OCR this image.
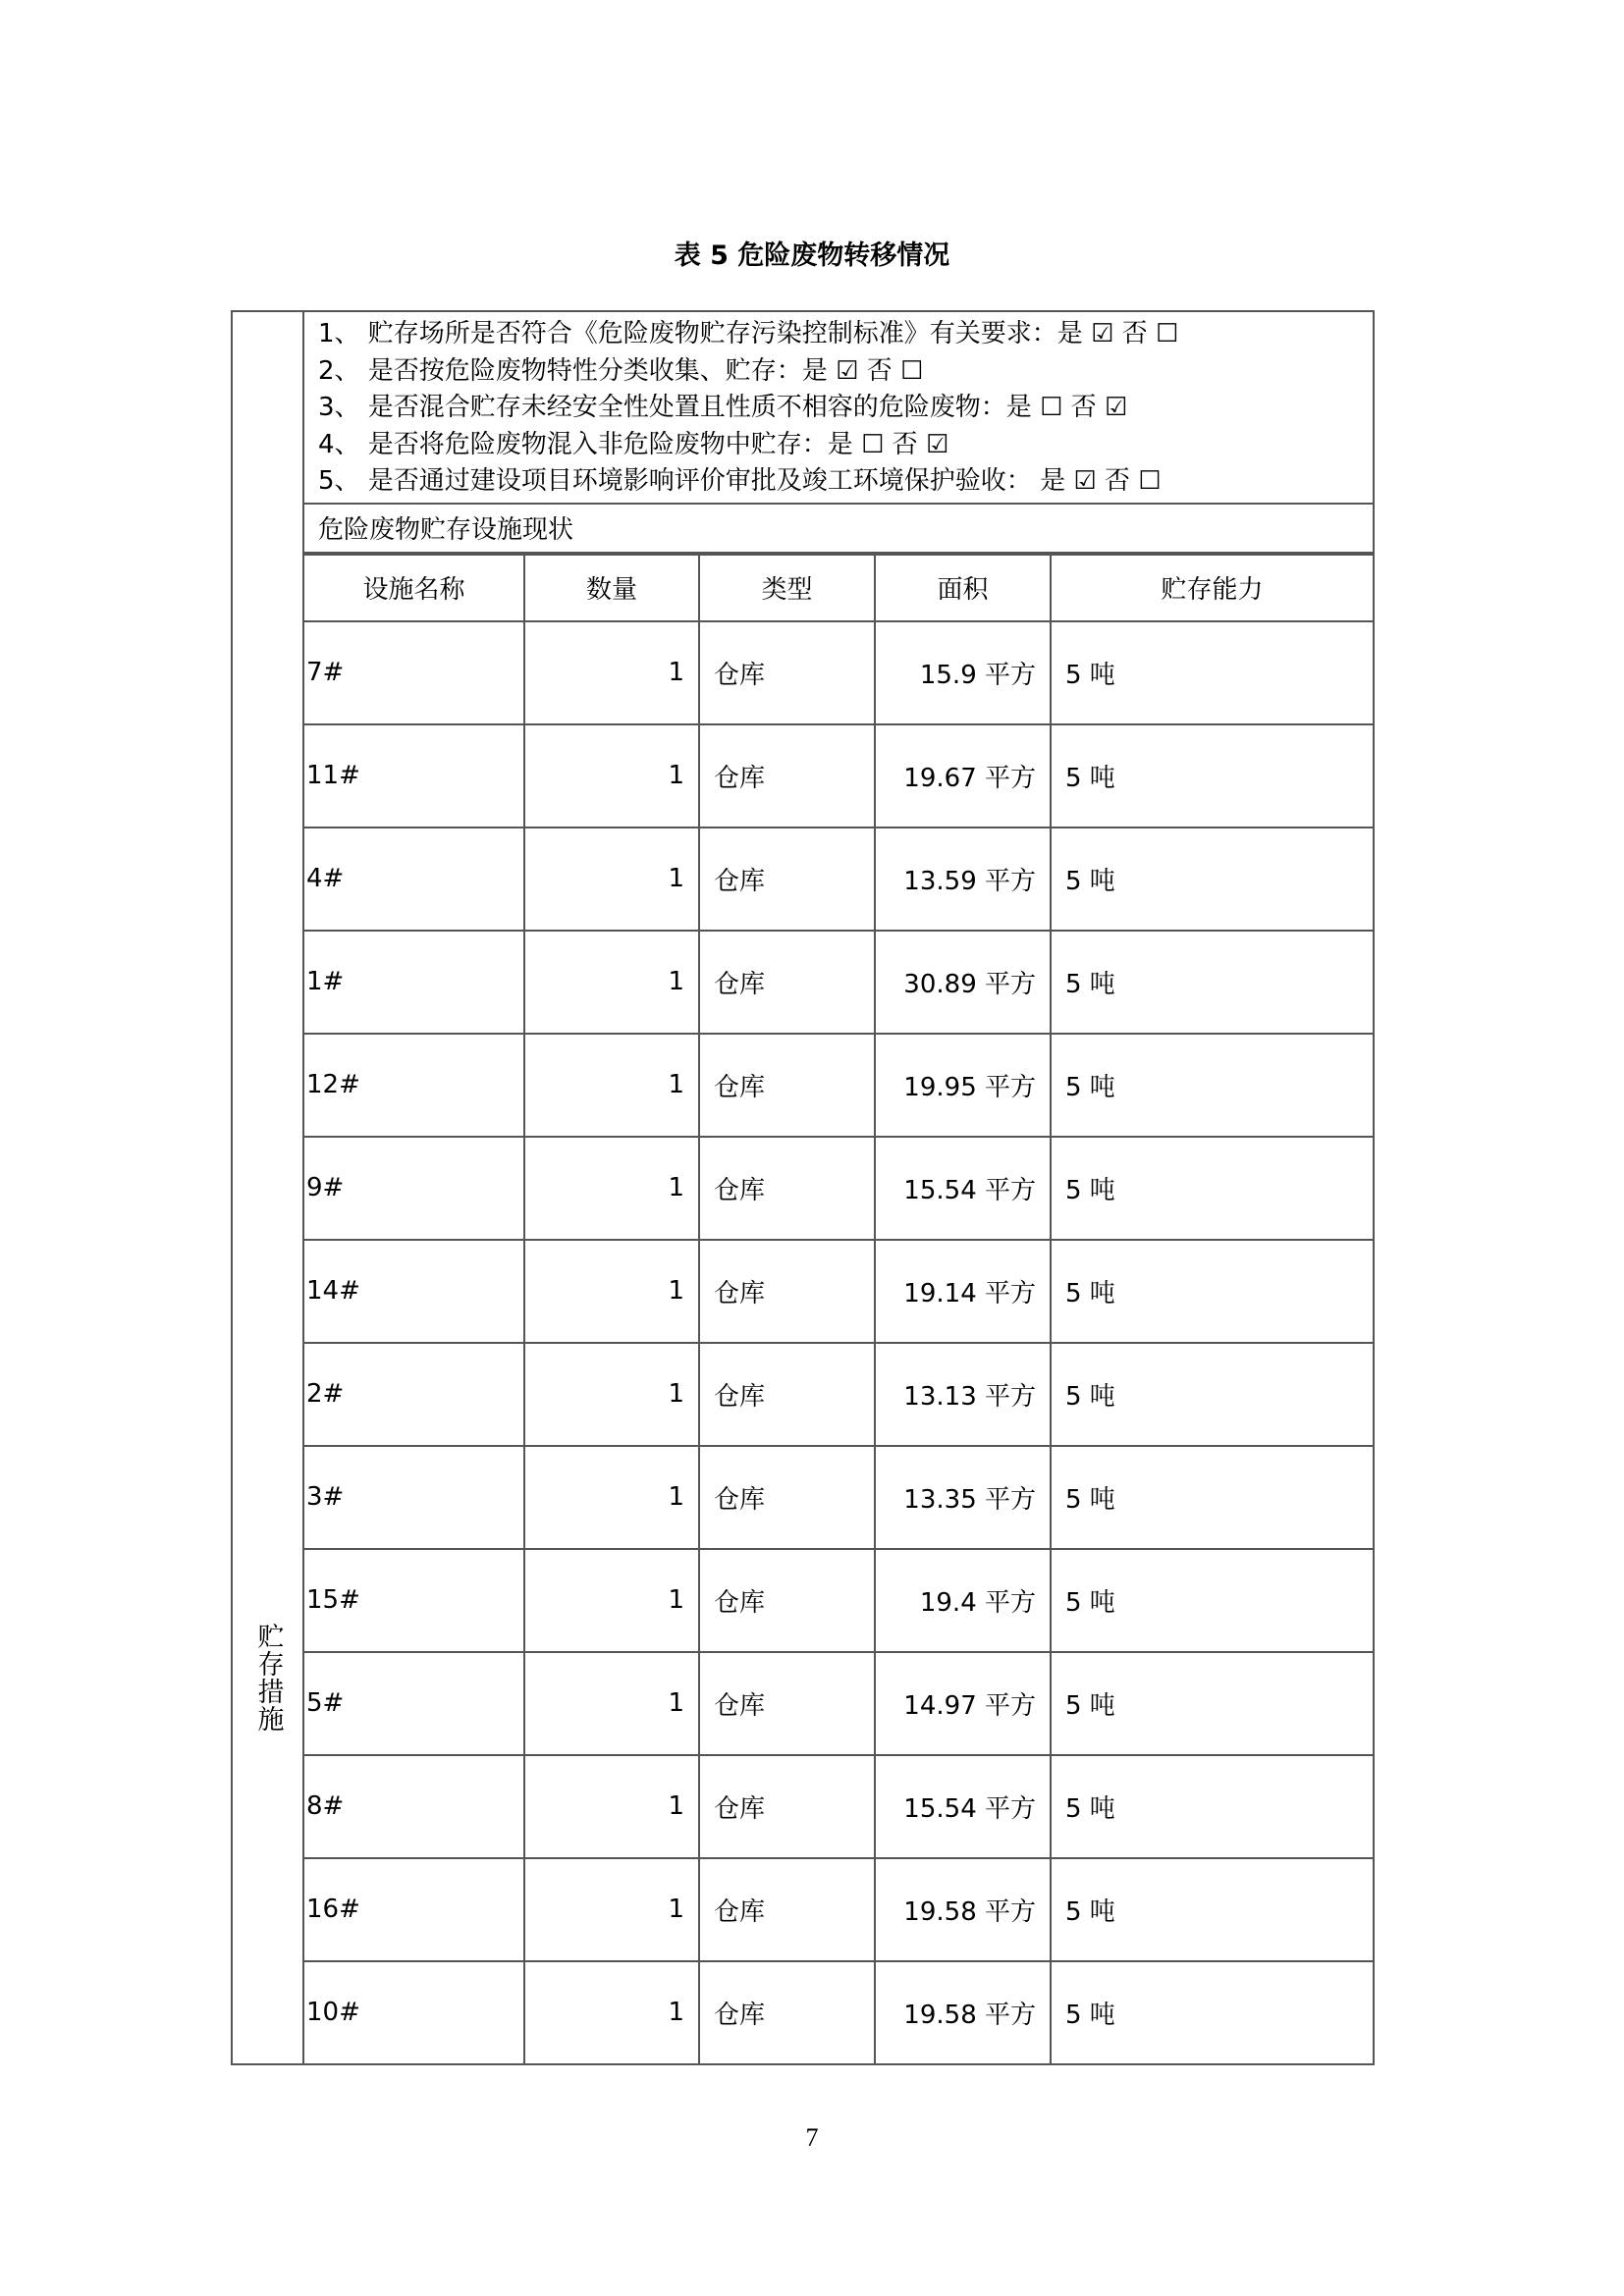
表 5 危险废物转移情况
贮存措施	
1、 贮存场所是否符合《危险废物贮存污染控制标准》有关要求：是 ☑ 否 ☐
2、 是否按危险废物特性分类收集、贮存：是 ☑ 否 ☐
3、 是否混合贮存未经安全性处置且性质不相容的危险废物：是 ☐ 否 ☑
4、 是否将危险废物混入非危险废物中贮存：是 ☐ 否 ☑
5、 是否通过建设项目环境影响评价审批及竣工环境保护验收： 是 ☑ 否 ☐

危险废物贮存设施现状

设施名称	数量	类型	面积	贮存能力
7#	1	仓库	15.9 平方	5 吨
11#	1	仓库	19.67 平方	5 吨
4#	1	仓库	13.59 平方	5 吨
1#	1	仓库	30.89 平方	5 吨
12#	1	仓库	19.95 平方	5 吨
9#	1	仓库	15.54 平方	5 吨
14#	1	仓库	19.14 平方	5 吨
2#	1	仓库	13.13 平方	5 吨
3#	1	仓库	13.35 平方	5 吨
15#	1	仓库	19.4 平方	5 吨
5#	1	仓库	14.97 平方	5 吨
8#	1	仓库	15.54 平方	5 吨
16#	1	仓库	19.58 平方	5 吨
10#	1	仓库	19.58 平方	5 吨
7
